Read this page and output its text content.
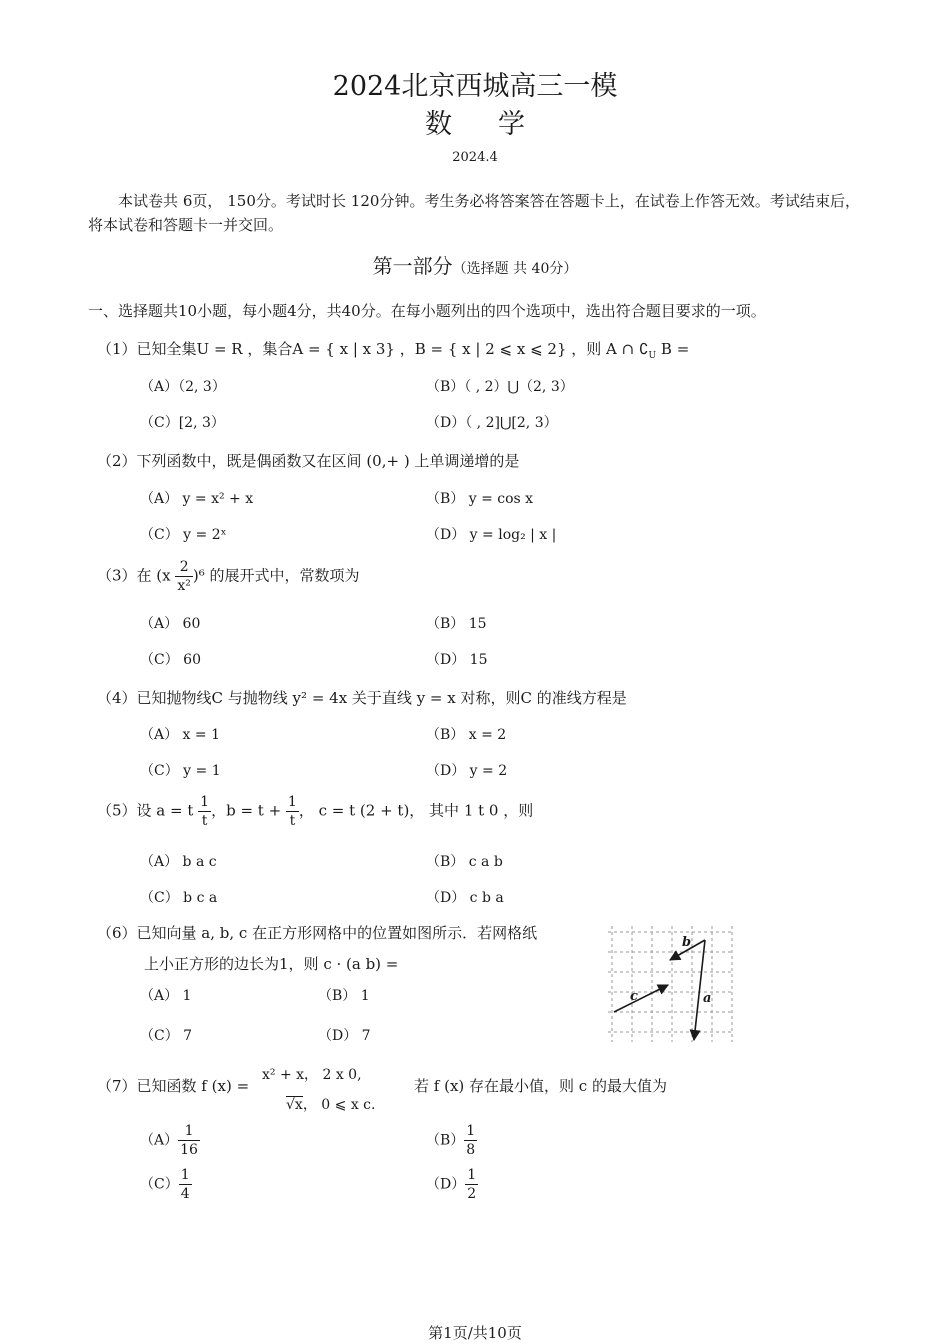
2024北京西城高三一模
数学
2024.4
本试卷共 6页， 150分。考试时长 120分钟。考生务必将答案答在答题卡上，在试卷上作答无效。考试结束后，将本试卷和答题卡一并交回。
第一部分（选择题 共 40分）
一、选择题共10小题，每小题4分，共40分。在每小题列出的四个选项中，选出符合题目要求的一项。
（1）已知全集U = R ，集合A = { x | x 3} ，B = { x | 2 ⩽ x ⩽ 2} ，则 A ∩ $∁_U$ B =
（A）（2, 3）	（B）（ , 2）⋃（2, 3）
（C）[2, 3）	（D）（ , 2]⋃[2, 3）
（2）下列函数中，既是偶函数又在区间 (0,+ ) 上单调递增的是
（A） y = x² + x	（B） y = cos x
（C） y = 2ˣ	（D） y = log₂ | x |
（3）在 $(x \frac{2}{\text{x²}} )^6$ 的展开式中，常数项为
（A） 60	（B） 15
（C） 60	（D） 15
（4）已知抛物线C 与抛物线 y² = 4x 关于直线 y = x 对称，则C 的准线方程是
（A） x = 1	（B） x = 2
（C） y = 1	（D） y = 2
（5）设 a = t $\frac{1}{t}$ ，$b = t + \frac{1}{t}$ ， c = t (2 + t)， 其中 1 t 0 ，则
（A） b a c	（B） c a b
（C） b c a	（D） c b a
（6）已知向量 a, b, c 在正方形网格中的位置如图所示．若网格纸
上小正方形的边长为1，则 c · (a b) =
（A） 1	（B） 1
（C） 7	（D） 7
b
c	a
（7）已知函数 f (x) =
x² + x， 2 x 0,
√x， 0 ⩽ x c.
若 f (x) 存在最小值，则 c 的最大值为
$(A) \frac{1}{16}$	$(B) \frac{1}{8}$
$(C) \frac{1}{4}$	$(D) \frac{1}{2}$
第1页/共10页
